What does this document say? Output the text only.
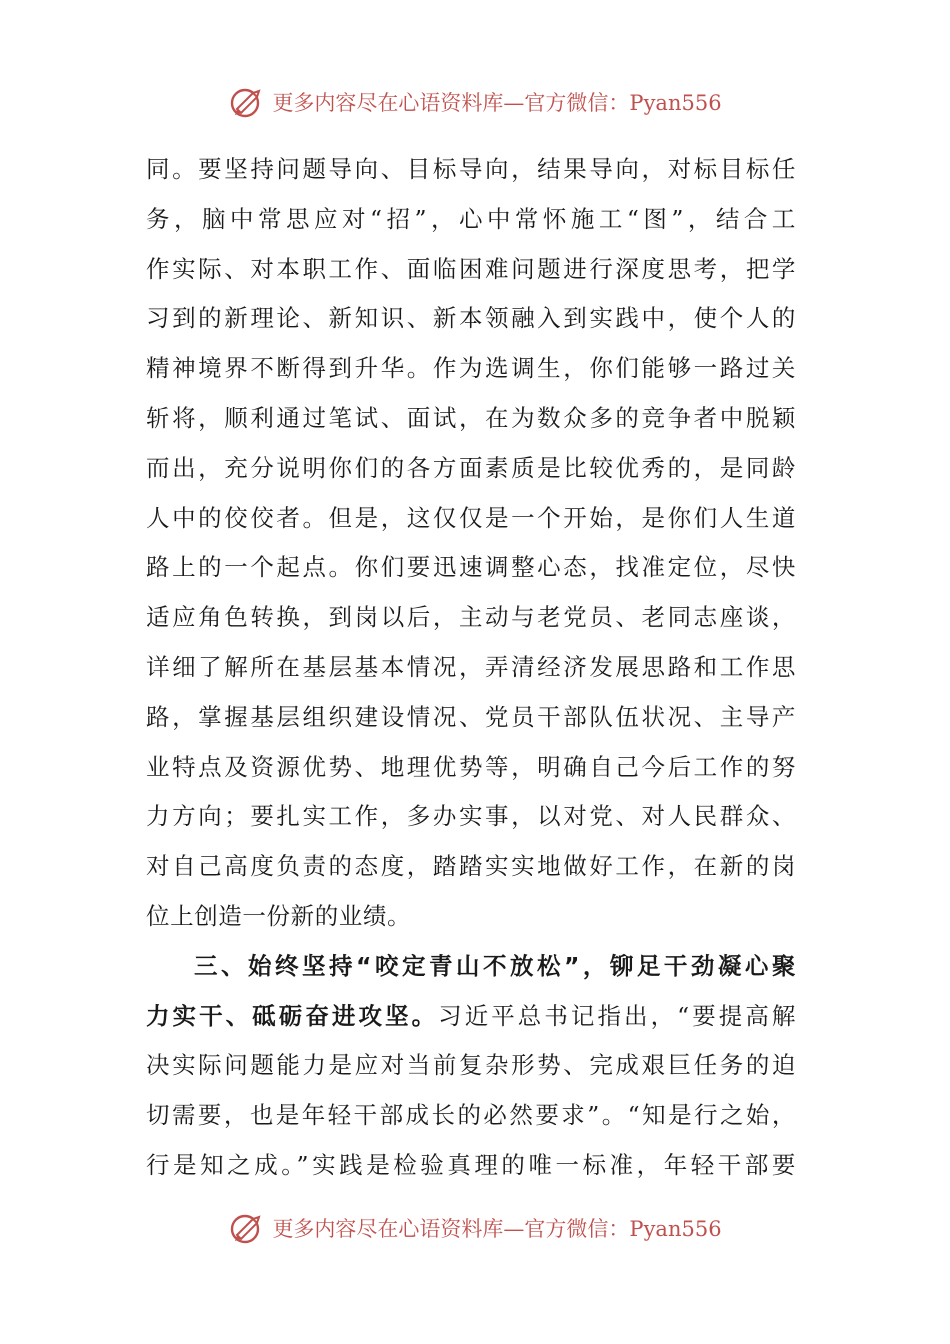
更多内容尽在心语资料库—官方微信：Pyan556
同。要坚持问题导向、目标导向，结果导向，对标目标任
务，脑中常思应对“招”，心中常怀施工“图”，结合工
作实际、对本职工作、面临困难问题进行深度思考，把学
习到的新理论、新知识、新本领融入到实践中，使个人的
精神境界不断得到升华。作为选调生，你们能够一路过关
斩将，顺利通过笔试、面试，在为数众多的竞争者中脱颖
而出，充分说明你们的各方面素质是比较优秀的，是同龄
人中的佼佼者。但是，这仅仅是一个开始，是你们人生道
路上的一个起点。你们要迅速调整心态，找准定位，尽快
适应角色转换，到岗以后，主动与老党员、老同志座谈，
详细了解所在基层基本情况，弄清经济发展思路和工作思
路，掌握基层组织建设情况、党员干部队伍状况、主导产
业特点及资源优势、地理优势等，明确自己今后工作的努
力方向；要扎实工作，多办实事，以对党、对人民群众、
对自己高度负责的态度，踏踏实实地做好工作，在新的岗
位上创造一份新的业绩。
三、始终坚持“咬定青山不放松”，铆足干劲凝心聚
力实干、砥砺奋进攻坚。习近平总书记指出，“要提高解
决实际问题能力是应对当前复杂形势、完成艰巨任务的迫
切需要，也是年轻干部成长的必然要求”。“知是行之始，
行是知之成。”实践是检验真理的唯一标准，年轻干部要
更多内容尽在心语资料库—官方微信：Pyan556
